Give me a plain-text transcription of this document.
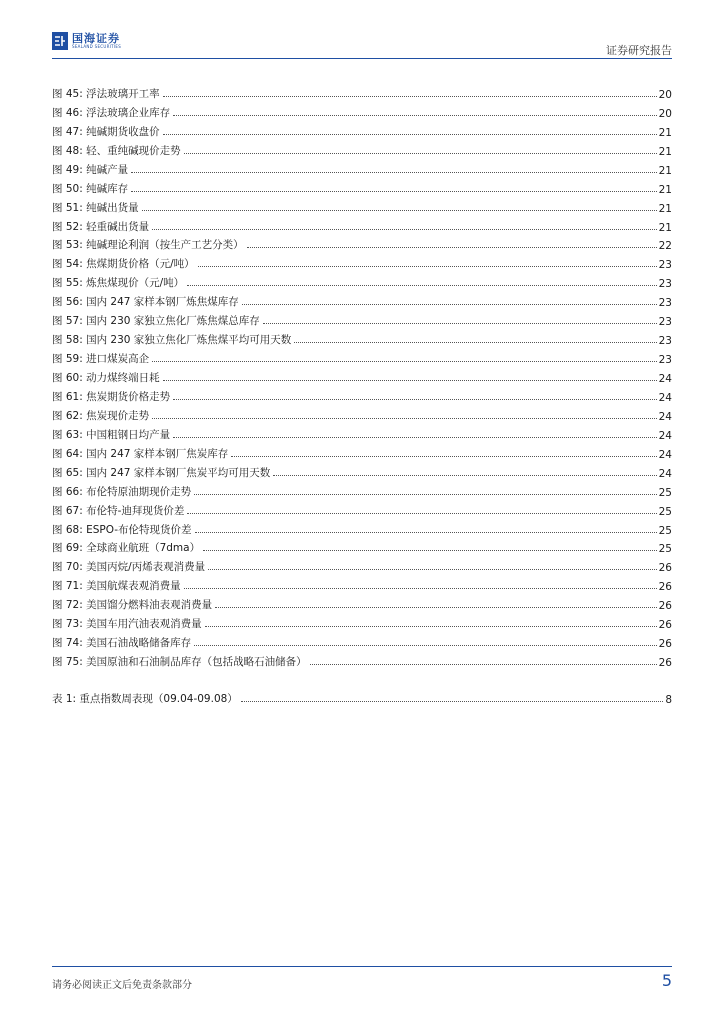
国海证券
SEALAND SECURITIES	证券研究报告
图 45: 浮法玻璃开工率	20
图 46: 浮法玻璃企业库存	20
图 47: 纯碱期货收盘价	21
图 48: 轻、重纯碱现价走势	21
图 49: 纯碱产量	21
图 50: 纯碱库存	21
图 51: 纯碱出货量	21
图 52: 轻重碱出货量	21
图 53: 纯碱理论利润（按生产工艺分类）	22
图 54: 焦煤期货价格（元/吨）	23
图 55: 炼焦煤现价（元/吨）	23
图 56: 国内 247 家样本钢厂炼焦煤库存	23
图 57: 国内 230 家独立焦化厂炼焦煤总库存	23
图 58: 国内 230 家独立焦化厂炼焦煤平均可用天数	23
图 59: 进口煤炭高企	23
图 60: 动力煤终端日耗	24
图 61: 焦炭期货价格走势	24
图 62: 焦炭现价走势	24
图 63: 中国粗钢日均产量	24
图 64: 国内 247 家样本钢厂焦炭库存	24
图 65: 国内 247 家样本钢厂焦炭平均可用天数	24
图 66: 布伦特原油期现价走势	25
图 67: 布伦特-迪拜现货价差	25
图 68: ESPO-布伦特现货价差	25
图 69: 全球商业航班（7dma）	25
图 70: 美国丙烷/丙烯表观消费量	26
图 71: 美国航煤表观消费量	26
图 72: 美国馏分燃料油表观消费量	26
图 73: 美国车用汽油表观消费量	26
图 74: 美国石油战略储备库存	26
图 75: 美国原油和石油制品库存（包括战略石油储备）	26
表 1: 重点指数周表现（09.04-09.08）	8
请务必阅读正文后免责条款部分	5
